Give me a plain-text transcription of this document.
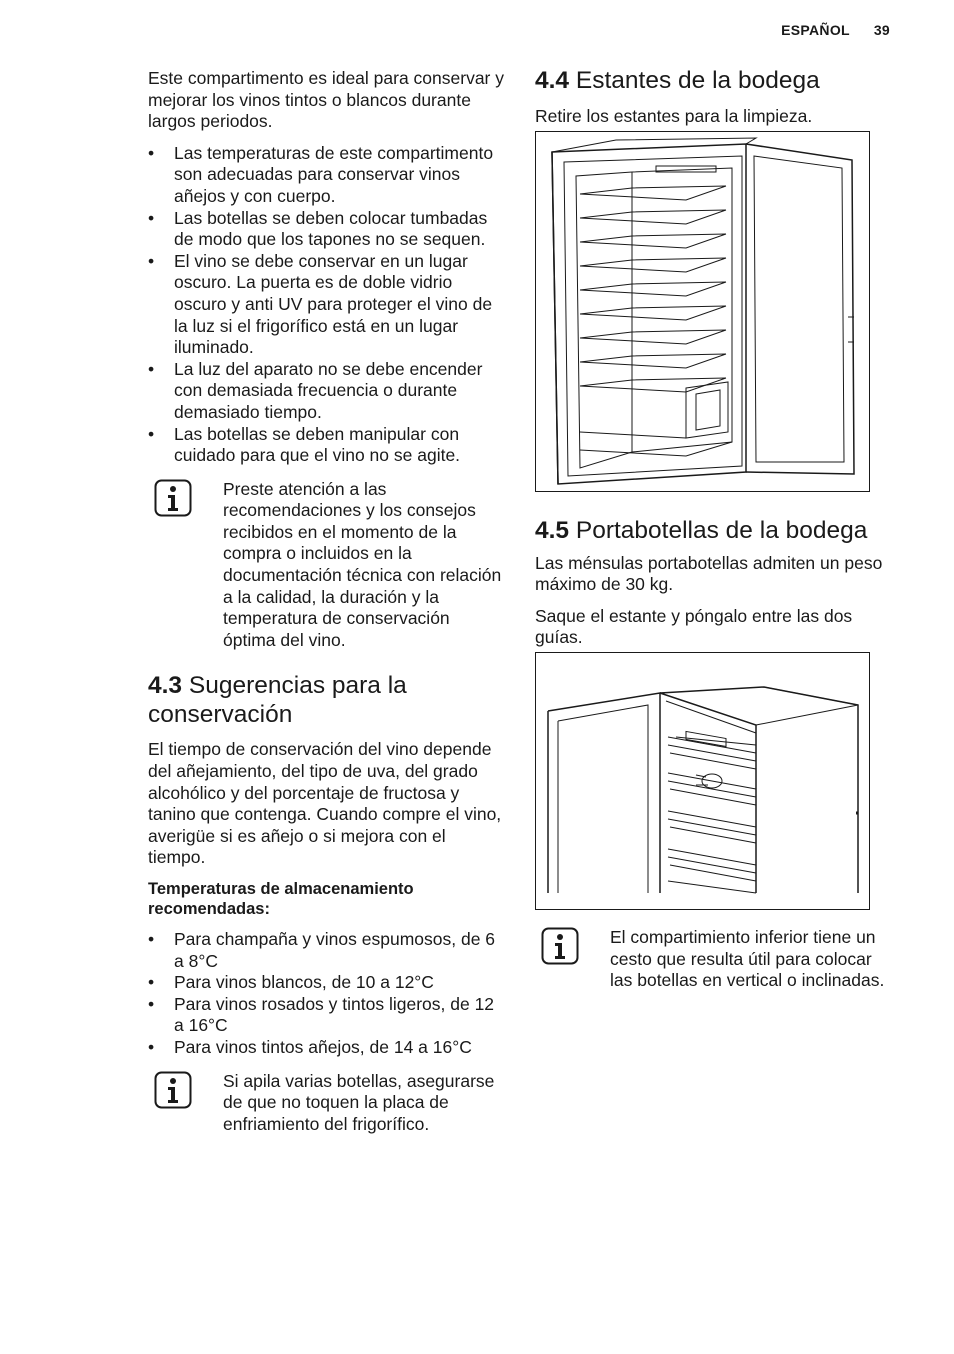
ESPAÑOL 39

Este compartimento es ideal para conservar y mejorar los vinos tintos o blancos durante largos periodos.

• Las temperaturas de este compartimento son adecuadas para conservar vinos añejos y con cuerpo.
• Las botellas se deben colocar tumbadas de modo que los tapones no se sequen.
• El vino se debe conservar en un lugar oscuro. La puerta es de doble vidrio oscuro y anti UV para proteger el vino de la luz si el frigorífico está en un lugar iluminado.
• La luz del aparato no se debe encender con demasiada frecuencia o durante demasiado tiempo.
• Las botellas se deben manipular con cuidado para que el vino no se agite.

Preste atención a las recomendaciones y los consejos recibidos en el momento de la compra o incluidos en la documentación técnica con relación a la calidad, la duración y la temperatura de conservación óptima del vino.

4.3 Sugerencias para la conservación

El tiempo de conservación del vino depende del añejamiento, del tipo de uva, del grado alcohólico y del porcentaje de fructosa y tanino que contenga. Cuando compre el vino, averigüe si es añejo o si mejora con el tiempo.

Temperaturas de almacenamiento recomendadas:

• Para champaña y vinos espumosos, de 6 a 8°C
• Para vinos blancos, de 10 a 12°C
• Para vinos rosados y tintos ligeros, de 12 a 16°C
• Para vinos tintos añejos, de 14 a 16°C

Si apila varias botellas, asegurarse de que no toquen la placa de enfriamiento del frigorífico.

4.4 Estantes de la bodega

Retire los estantes para la limpieza.

4.5 Portabotellas de la bodega

Las ménsulas portabotellas admiten un peso máximo de 30 kg.

Saque el estante y póngalo entre las dos guías.

El compartimiento inferior tiene un cesto que resulta útil para colocar las botellas en vertical o inclinadas.
